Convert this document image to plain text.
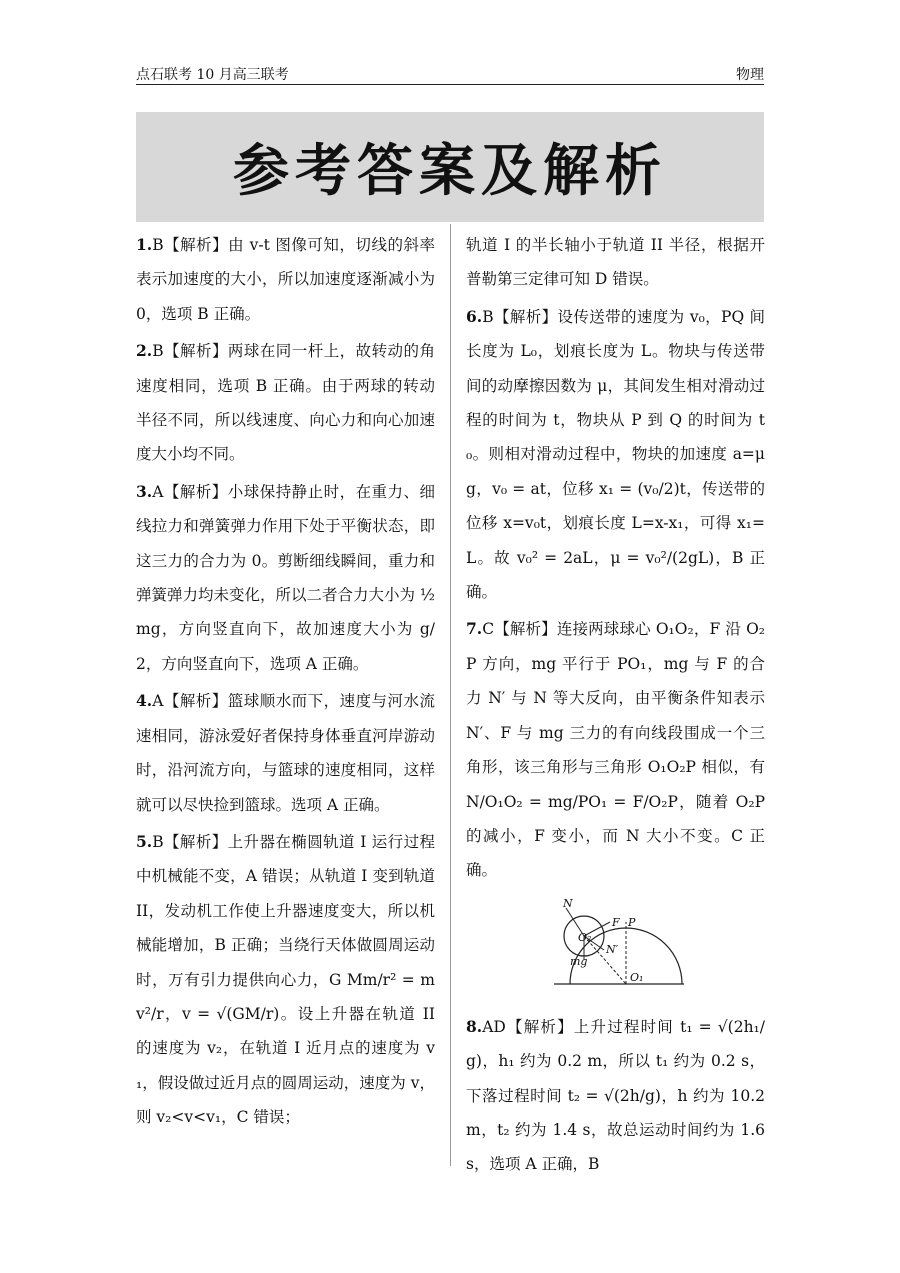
点石联考 10 月高三联考	物理
参考答案及解析

1.B【解析】由 v-t 图像可知，切线的斜率表示加速度的大小，所以加速度逐渐减小为 0，选项 B 正确。

2.B【解析】两球在同一杆上，故转动的角速度相同，选项 B 正确。由于两球的转动半径不同，所以线速度、向心力和向心加速度大小均不同。

3.A【解析】小球保持静止时，在重力、细线拉力和弹簧弹力作用下处于平衡状态，即这三力的合力为 0。剪断细线瞬间，重力和弹簧弹力均未变化，所以二者合力大小为 ½mg，方向竖直向下，故加速度大小为 g/2，方向竖直向下，选项 A 正确。

4.A【解析】篮球顺水而下，速度与河水流速相同，游泳爱好者保持身体垂直河岸游动时，沿河流方向，与篮球的速度相同，这样就可以尽快捡到篮球。选项 A 正确。

5.B【解析】上升器在椭圆轨道 I 运行过程中机械能不变，A 错误；从轨道 I 变到轨道 II，发动机工作使上升器速度变大，所以机械能增加，B 正确；当绕行天体做圆周运动时，万有引力提供向心力，G Mm/r² = m v²/r，v = √(GM/r)。设上升器在轨道 II 的速度为 v₂，在轨道 I 近月点的速度为 v₁，假设做过近月点的圆周运动，速度为 v，则 v₂<v<v₁，C 错误；

轨道 I 的半长轴小于轨道 II 半径，根据开普勒第三定律可知 D 错误。

6.B【解析】设传送带的速度为 v₀，PQ 间长度为 L₀，划痕长度为 L。物块与传送带间的动摩擦因数为 μ，其间发生相对滑动过程的时间为 t，物块从 P 到 Q 的时间为 t₀。则相对滑动过程中，物块的加速度 a=μg，v₀ = at，位移 x₁ = (v₀/2)t，传送带的位移 x=v₀t，划痕长度 L=x-x₁，可得 x₁=L。故 v₀² = 2aL，μ = v₀²/(2gL)，B 正确。

7.C【解析】连接两球球心 O₁O₂，F 沿 O₂P 方向，mg 平行于 PO₁，mg 与 F 的合力 N′ 与 N 等大反向，由平衡条件知表示 N′、F 与 mg 三力的有向线段围成一个三角形，该三角形与三角形 O₁O₂P 相似，有 N/O₁O₂ = mg/PO₁ = F/O₂P，随着 O₂P 的减小，F 变小，而 N 大小不变。C 正确。

N
F P
O₂
N′
mg
O₁

8.AD【解析】上升过程时间 t₁ = √(2h₁/g)，h₁ 约为 0.2 m，所以 t₁ 约为 0.2 s，下落过程时间 t₂ = √(2h/g)，h 约为 10.2 m，t₂ 约为 1.4 s，故总运动时间约为 1.6 s，选项 A 正确，B
